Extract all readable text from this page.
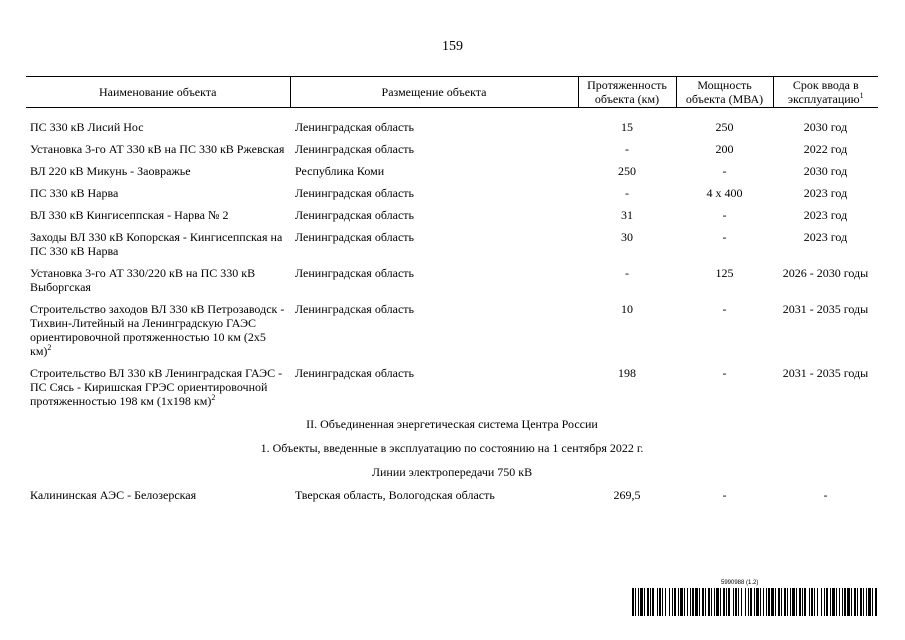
159
Наименование объекта	Размещение объекта	Протяженность объекта (км)	Мощность объекта (МВА)	Срок ввода в эксплуатацию$^1$

ПС 330 кВ Лисий Нос	Ленинградская область	15	250	2030 год
Установка 3-го АТ 330 кВ на ПС 330 кВ Ржевская	Ленинградская область	-	200	2022 год
ВЛ 220 кВ Микунь - Заовражье	Республика Коми	250	-	2030 год
ПС 330 кВ Нарва	Ленинградская область	-	4 x 400	2023 год
ВЛ 330 кВ Кингисеппская - Нарва № 2	Ленинградская область	31	-	2023 год
Заходы ВЛ 330 кВ Копорская - Кингисеппская на ПС 330 кВ Нарва	Ленинградская область	30	-	2023 год
Установка 3-го АТ 330/220 кВ на ПС 330 кВ Выборгская	Ленинградская область	-	125	2026 - 2030 годы
Строительство заходов ВЛ 330 кВ Петрозаводск - Тихвин-Литейный на Ленинградскую ГАЭС ориентировочной протяженностью 10 км (2x5 км)$^2$	Ленинградская область	10	-	2031 - 2035 годы
Строительство ВЛ 330 кВ Ленинградская ГАЭС - ПС Сясь - Киришская ГРЭС ориентировочной протяженностью 198 км (1x198 км)$^2$	Ленинградская область	198	-	2031 - 2035 годы
II. Объединенная энергетическая система Центра России				
1. Объекты, введенные в эксплуатацию по состоянию на 1 сентября 2022 г.				
Линии электропередачи 750 кВ				
Калининская АЭС - Белозерская	Тверская область, Вологодская область	269,5	-	-
5990988 (1.2)
